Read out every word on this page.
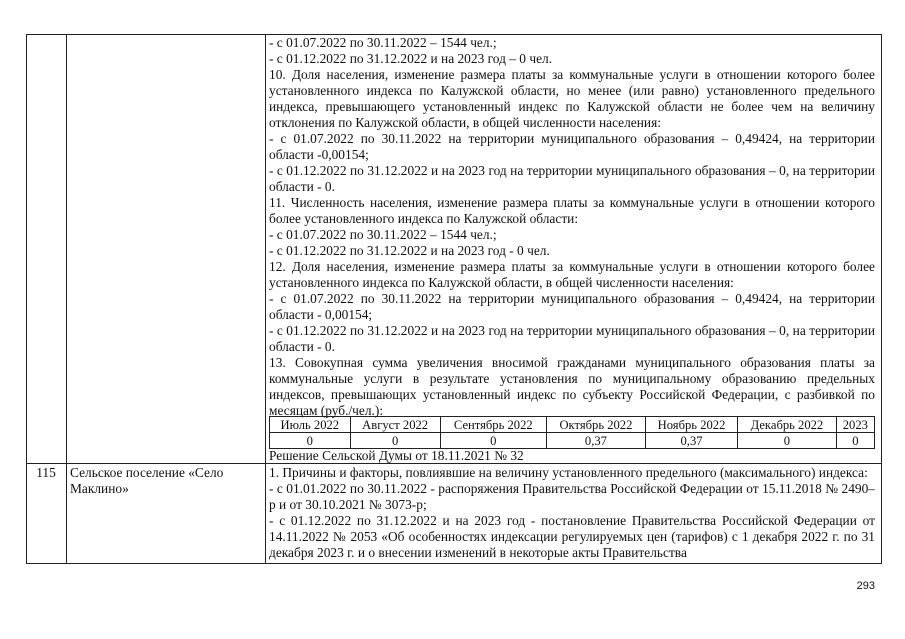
- с 01.07.2022 по 30.11.2022 – 1544 чел.;

- с 01.12.2022 по 31.12.2022 и на 2023 год – 0 чел.

10. Доля населения, изменение размера платы за коммунальные услуги в отношении которого более установленного индекса по Калужской области, но менее (или равно) установленного предельного индекса, превышающего установленный индекс по Калужской области не более чем на величину отклонения по Калужской области, в общей численности населения:

- с 01.07.2022 по 30.11.2022 на территории муниципального образования – 0,49424, на территории области -0,00154;

- с 01.12.2022 по 31.12.2022 и на 2023 год на территории муниципального образования – 0, на территории области - 0.

11. Численность населения, изменение размера платы за коммунальные услуги в отношении которого более установленного индекса по Калужской области:

- с 01.07.2022 по 30.11.2022 – 1544 чел.;

- с 01.12.2022 по 31.12.2022 и на 2023 год - 0 чел.

12. Доля населения, изменение размера платы за коммунальные услуги в отношении которого более установленного индекса по Калужской области, в общей численности населения:

- с 01.07.2022 по 30.11.2022 на территории муниципального образования – 0,49424, на территории области - 0,00154;

- с 01.12.2022 по 31.12.2022 и на 2023 год на территории муниципального образования – 0, на территории области - 0.

13. Совокупная сумма увеличения вносимой гражданами муниципального образования платы за коммунальные услуги в результате установления по муниципальному образованию предельных индексов, превышающих установленный индекс по субъекту Российской Федерации, с разбивкой по месяцам (руб./чел.):

Июль 2022	Август 2022	Сентябрь 2022	Октябрь 2022	Ноябрь 2022	Декабрь 2022	2023
0	0	0	0,37	0,37	0	0
Решение Сельской Думы от 18.11.2021 № 32
115	Сельское поселение «Село Маклино»

1. Причины и факторы, повлиявшие на величину установленного предельного (максимального) индекса:

- с 01.01.2022 по 30.11.2022 - распоряжения Правительства Российской Федерации от 15.11.2018 № 2490–р и от 30.10.2021 № 3073-р;

- с 01.12.2022 по 31.12.2022 и на 2023 год - постановление Правительства Российской Федерации от 14.11.2022 № 2053 «Об особенностях индексации регулируемых цен (тарифов) с 1 декабря 2022 г. по 31 декабря 2023 г. и о внесении изменений в некоторые акты Правительства

293
